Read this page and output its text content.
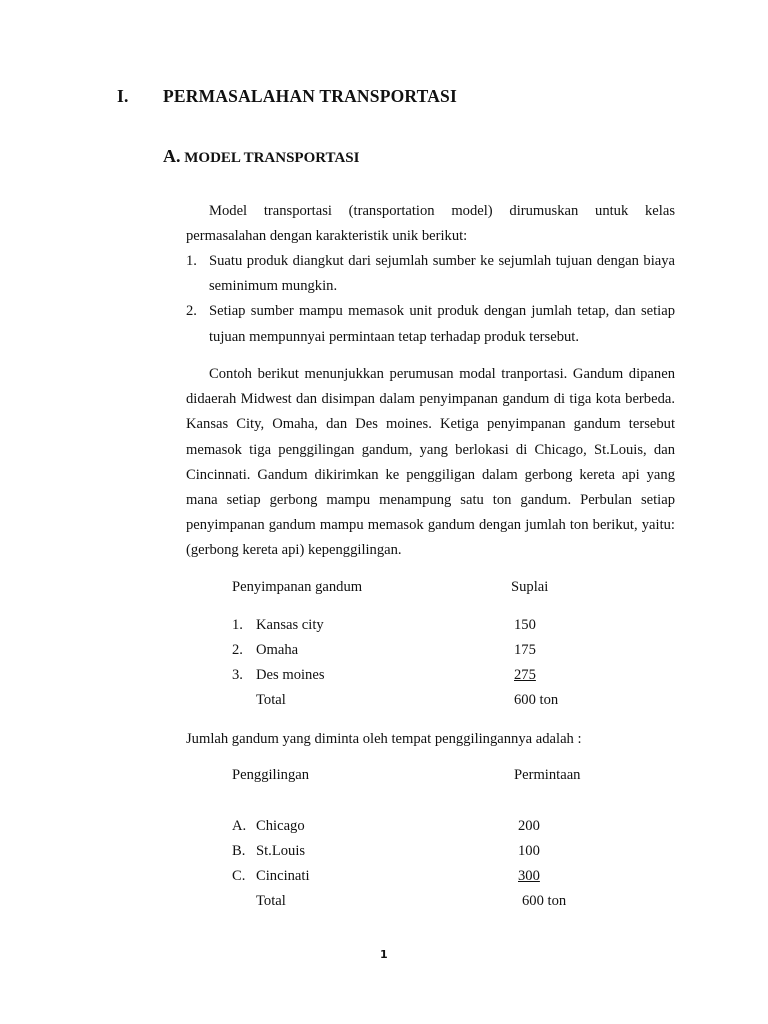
I. PERMASALAHAN TRANSPORTASI
A. MODEL TRANSPORTASI

Model transportasi (transportation model) dirumuskan untuk kelas permasalahan dengan karakteristik unik berikut:

1. Suatu produk diangkut dari sejumlah sumber ke sejumlah tujuan dengan biaya seminimum mungkin.
2. Setiap sumber mampu memasok unit produk dengan jumlah tetap, dan setiap tujuan mempunnyai permintaan tetap terhadap produk tersebut.

Contoh berikut menunjukkan perumusan modal tranportasi. Gandum dipanen didaerah Midwest dan disimpan dalam penyimpanan gandum di tiga kota berbeda. Kansas City, Omaha, dan Des moines. Ketiga penyimpanan gandum tersebut memasok tiga penggilingan gandum, yang berlokasi di Chicago, St.Louis, dan Cincinnati. Gandum dikirimkan ke penggiligan dalam gerbong kereta api yang mana setiap gerbong mampu menampung satu ton gandum. Perbulan setiap penyimpanan gandum mampu memasok gandum dengan jumlah ton berikut, yaitu: (gerbong kereta api) kepenggilingan.

Penyimpanan gandum	Suplai
1. Kansas city	150
2. Omaha	175
3. Des moines	275
Total	600 ton
Jumlah gandum yang diminta oleh tempat penggilingannya adalah :
Penggilingan	Permintaan
A. Chicago	200
B. St.Louis	100
C. Cincinati	300
Total	600 ton
1
